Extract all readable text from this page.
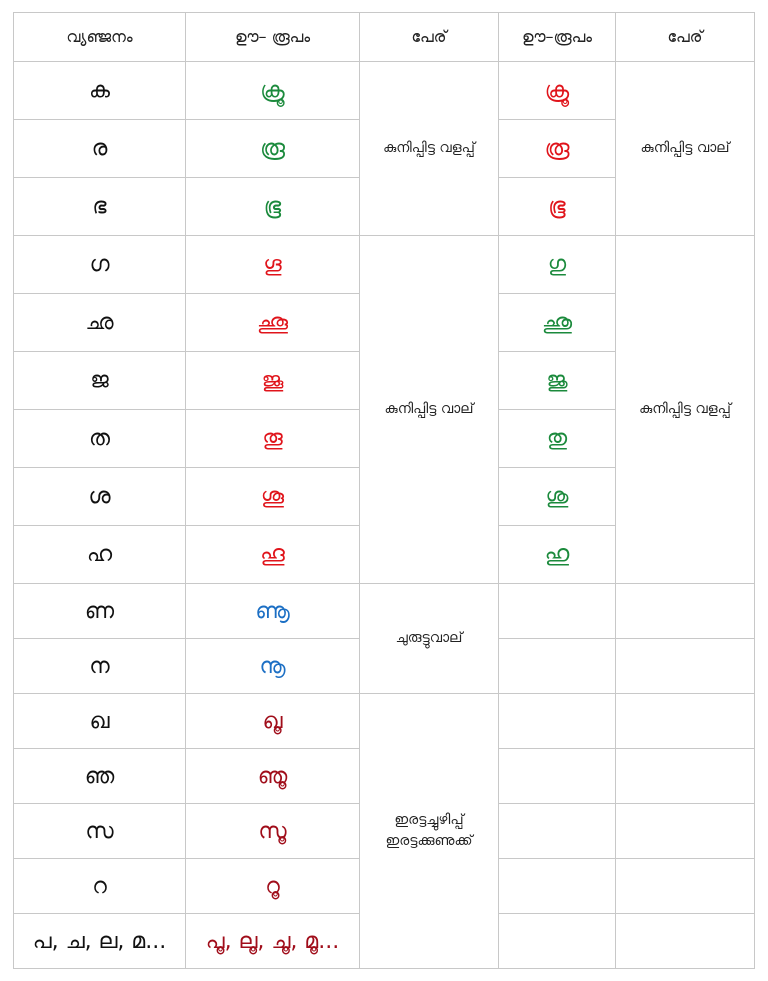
വ്യഞ്ജനം	ഊ– രൂപം	പേര്	ഊ–രൂപം	പേര്
ക	ക്രൂ	കുനിപ്പിട്ട വളപ്പ്	ക്രൂ	കുനിപ്പിട്ട വാല്
ര	രൂ		രൂ	
ഭ	ഭൂ		ഭൂ	
ഗ	ഗൂ	കുനിപ്പിട്ട വാല്	ഗു	കുനിപ്പിട്ട വളപ്പ്
ഛ	ഛൂ		ഛു	
ജ	ജൂ		ജു	
ത	തൂ		തു	
ശ	ശൂ		ശു	
ഹ	ഹൂ		ഹു	
ണ	ണൂ	ചുരുട്ടുവാല്		
ന	നൂ			
ഖ	ഖൂ	ഇരട്ടച്ചുഴിപ്പ്
ഇരട്ടക്കുണുക്ക്		

ഞ	ഞൂ			
സ	സൂ			
റ	റൂ			
പ, ച, ല, മ...	പൂ, ലൂ, ചൂ, മൂ...			
